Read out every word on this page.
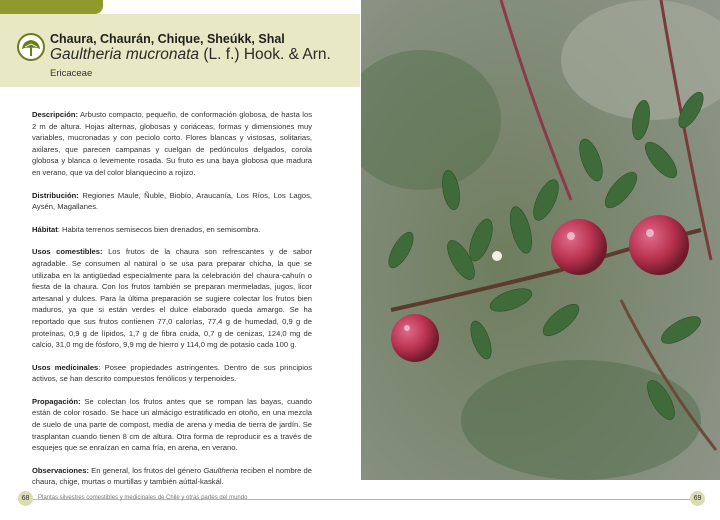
Chaura, Chaurán, Chique, Sheúkk, Shal
Gaultheria mucronata (L. f.) Hook. & Arn.
Ericaceae

Descripción: Arbusto compacto, pequeño, de conformación globosa, de hasta los 2 m de altura. Hojas alternas, globosas y coriáceas, formas y dimensiones muy variables, mucronadas y con peciolo corto. Flores blancas y vistosas, solitarias, axilares, que parecen campanas y cuelgan de pedúnculos delgados, corola globosa y blanca o levemente rosada. Su fruto es una baya globosa que madura en verano, que va del color blanquecino a rojizo.

Distribución: Regiones Maule, Ñuble, Biobío, Araucanía, Los Ríos, Los Lagos, Aysén, Magallanes.

Hábitat: Habita terrenos semisecos bien drenados, en semisombra.

Usos comestibles: Los frutos de la chaura son refrescantes y de sabor agradable. Se consumen al natural o se usa para preparar chicha, la que se utilizaba en la antigüedad especialmente para la celebración del chaura-cahuín o fiesta de la chaura. Con los frutos también se preparan mermeladas, jugos, licor artesanal y dulces. Para la última preparación se sugiere colectar los frutos bien maduros, ya que si están verdes el dulce elaborado queda amargo. Se ha reportado que sus frutos contienen 77,0 calorías, 77,4 g de humedad, 0,9 g de proteínas, 0,9 g de lípidos, 1,7 g de fibra cruda, 0,7 g de cenizas, 124,0 mg de calcio, 31,0 mg de fósforo, 9,9 mg de hierro y 114,0 mg de potasio cada 100 g.

Usos medicinales: Posee propiedades astringentes. Dentro de sus principios activos, se han descrito compuestos fenólicos y terpenoides.

Propagación: Se colectan los frutos antes que se rompan las bayas, cuando están de color rosado. Se hace un almácigo estratificado en otoño, en una mezcla de suelo de una parte de compost, media de arena y media de tierra de jardín. Se trasplantan cuando tienen 8 cm de altura. Otra forma de reproducir es a través de esquejes que se enraízan en cama fría, en arena, en verano.

Observaciones: En general, los frutos del género Gaultheria reciben el nombre de chaura, chige, murtas o murtillas y también aúttal-kaskál.

68	Plantas silvestres comestibles y medicinales de Chile y otras partes del mundo	69
